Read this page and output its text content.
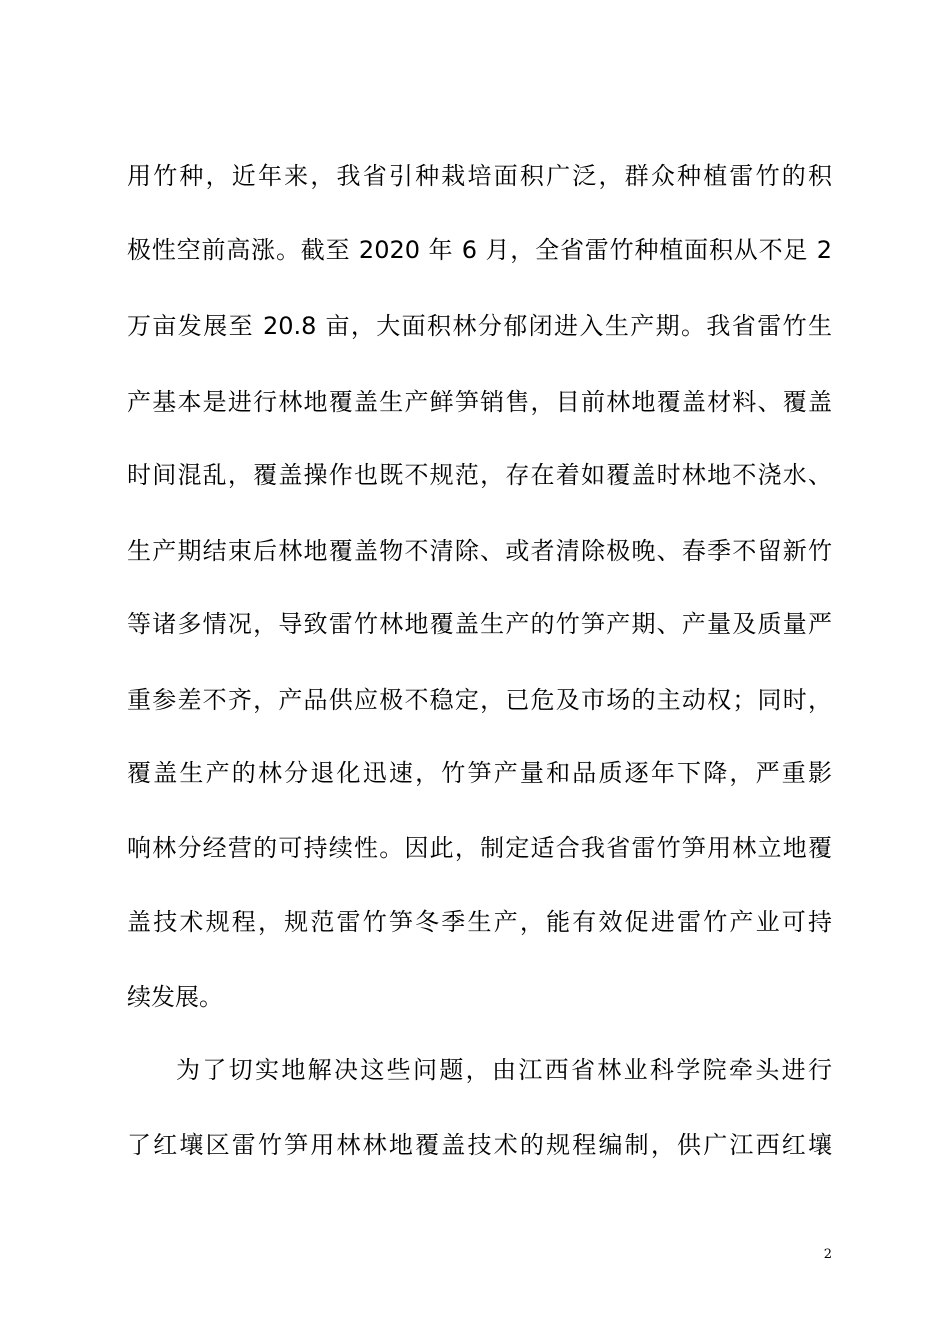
用竹种，近年来，我省引种栽培面积广泛，群众种植雷竹的积
极性空前高涨。截至 2020 年 6 月，全省雷竹种植面积从不足 2
万亩发展至 20.8 亩，大面积林分郁闭进入生产期。我省雷竹生
产基本是进行林地覆盖生产鲜笋销售，目前林地覆盖材料、覆盖
时间混乱，覆盖操作也既不规范，存在着如覆盖时林地不浇水、
生产期结束后林地覆盖物不清除、或者清除极晚、春季不留新竹
等诸多情况，导致雷竹林地覆盖生产的竹笋产期、产量及质量严
重参差不齐，产品供应极不稳定，已危及市场的主动权；同时，
覆盖生产的林分退化迅速，竹笋产量和品质逐年下降，严重影
响林分经营的可持续性。因此，制定适合我省雷竹笋用林立地覆
盖技术规程，规范雷竹笋冬季生产，能有效促进雷竹产业可持
续发展。
为了切实地解决这些问题，由江西省林业科学院牵头进行
了红壤区雷竹笋用林林地覆盖技术的规程编制，供广江西红壤
2
